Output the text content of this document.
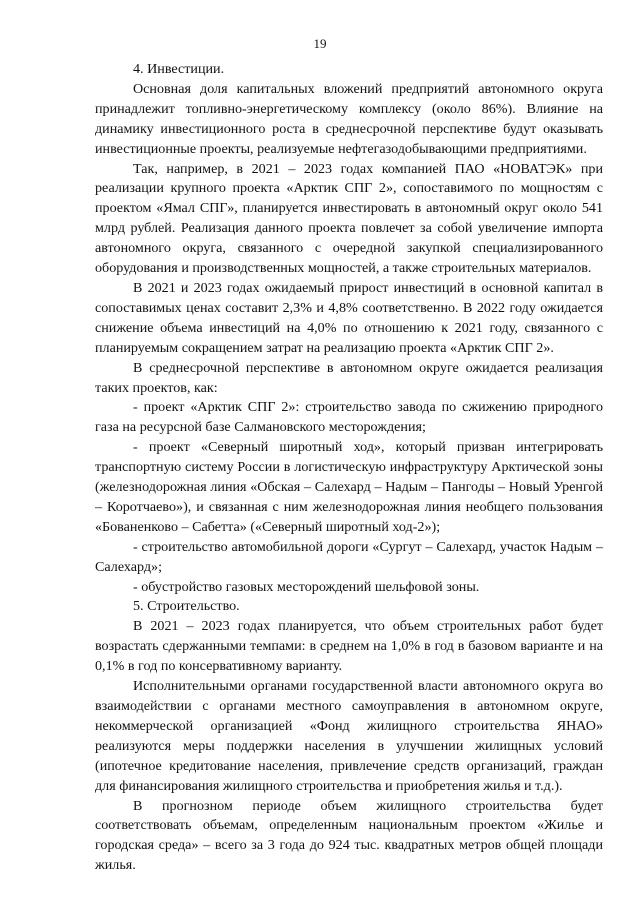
19

4. Инвестиции.

Основная доля капитальных вложений предприятий автономного округа принадлежит топливно-энергетическому комплексу (около 86%). Влияние на динамику инвестиционного роста в среднесрочной перспективе будут оказывать инвестиционные проекты, реализуемые нефтегазодобывающими предприятиями.

Так, например, в 2021 – 2023 годах компанией ПАО «НОВАТЭК» при реализации крупного проекта «Арктик СПГ 2», сопоставимого по мощностям с проектом «Ямал СПГ», планируется инвестировать в автономный округ около 541 млрд рублей. Реализация данного проекта повлечет за собой увеличение импорта автономного округа, связанного с очередной закупкой специализированного оборудования и производственных мощностей, а также строительных материалов.

В 2021 и 2023 годах ожидаемый прирост инвестиций в основной капитал в сопоставимых ценах составит 2,3% и 4,8% соответственно. В 2022 году ожидается снижение объема инвестиций на 4,0% по отношению к 2021 году, связанного с планируемым сокращением затрат на реализацию проекта «Арктик СПГ 2».

В среднесрочной перспективе в автономном округе ожидается реализация таких проектов, как:

- проект «Арктик СПГ 2»: строительство завода по сжижению природного газа на ресурсной базе Салмановского месторождения;

- проект «Северный широтный ход», который призван интегрировать транспортную систему России в логистическую инфраструктуру Арктической зоны (железнодорожная линия «Обская – Салехард – Надым – Пангоды – Новый Уренгой – Коротчаево»), и связанная с ним железнодорожная линия необщего пользования «Бованенково – Сабетта» («Северный широтный ход-2»);

- строительство автомобильной дороги «Сургут – Салехард, участок Надым – Салехард»;

- обустройство газовых месторождений шельфовой зоны.

5. Строительство.

В 2021 – 2023 годах планируется, что объем строительных работ будет возрастать сдержанными темпами: в среднем на 1,0% в год в базовом варианте и на 0,1% в год по консервативному варианту.

Исполнительными органами государственной власти автономного округа во взаимодействии с органами местного самоуправления в автономном округе, некоммерческой организацией «Фонд жилищного строительства ЯНАО» реализуются меры поддержки населения в улучшении жилищных условий (ипотечное кредитование населения, привлечение средств организаций, граждан для финансирования жилищного строительства и приобретения жилья и т.д.).

В прогнозном периоде объем жилищного строительства будет соответствовать объемам, определенным национальным проектом «Жилье и городская среда» – всего за 3 года до 924 тыс. квадратных метров общей площади жилья.
